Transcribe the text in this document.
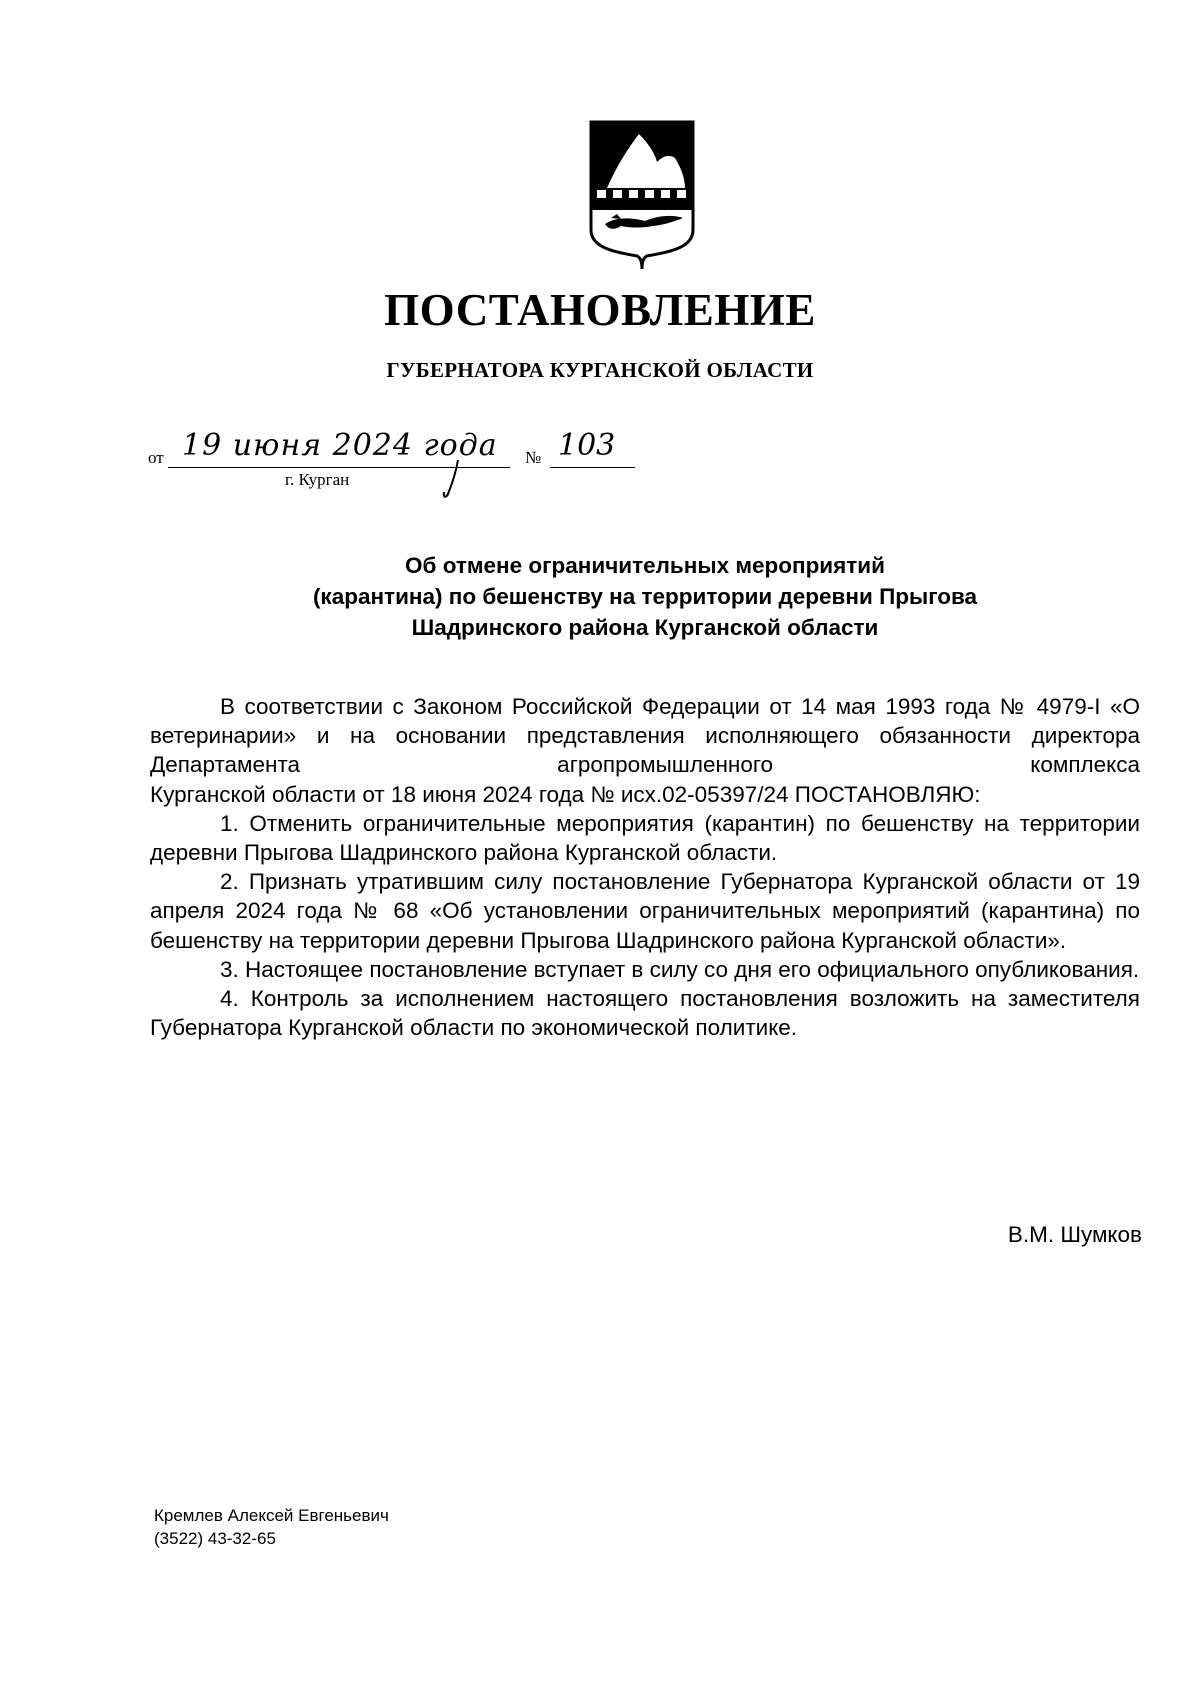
ПОСТАНОВЛЕНИЕ
ГУБЕРНАТОРА КУРГАНСКОЙ ОБЛАСТИ
от 19 июня 2024 года № 103
г. Курган
Об отмене ограничительных мероприятий
(карантина) по бешенству на территории деревни Прыгова
Шадринского района Курганской области

В соответствии с Законом Российской Федерации от 14 мая 1993 года № 4979-I «О ветеринарии» и на основании представления исполняющего обязанности директора Департамента агропромышленного комплекса

Курганской области от 18 июня 2024 года № исх.02-05397/24 ПОСТАНОВЛЯЮ:

1. Отменить ограничительные мероприятия (карантин) по бешенству на территории деревни Прыгова Шадринского района Курганской области.

2. Признать утратившим силу постановление Губернатора Курганской области от 19 апреля 2024 года № 68 «Об установлении ограничительных мероприятий (карантина) по бешенству на территории деревни Прыгова Шадринского района Курганской области».

3. Настоящее постановление вступает в силу со дня его официального опубликования.

4. Контроль за исполнением настоящего постановления возложить на заместителя Губернатора Курганской области по экономической политике.

В.М. Шумков
Кремлев Алексей Евгеньевич
(3522) 43-32-65
